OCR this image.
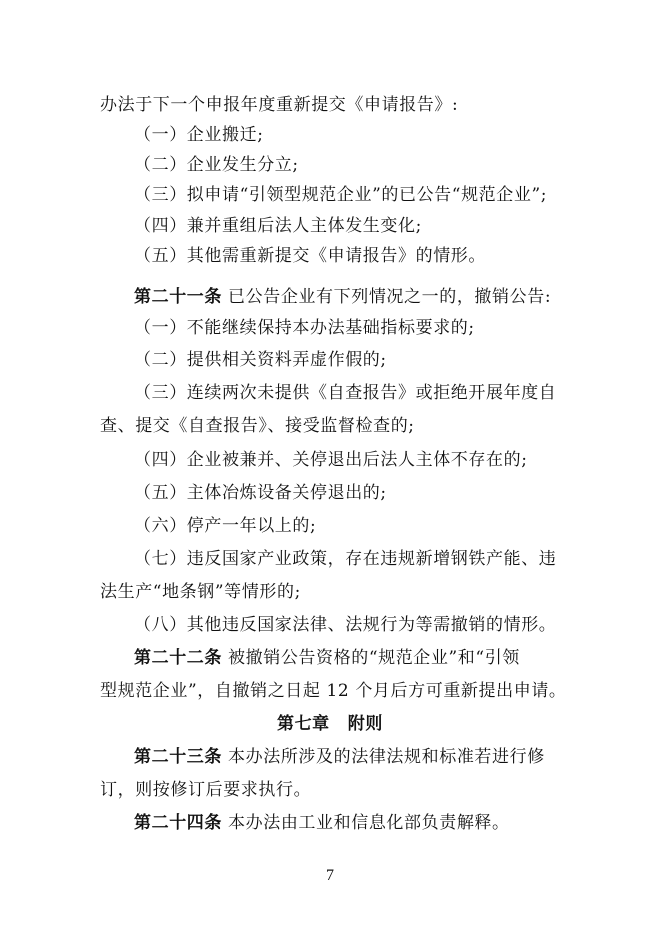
办法于下一个申报年度重新提交《申请报告》:
（一）企业搬迁;
（二）企业发生分立;
（三）拟申请“引领型规范企业”的已公告“规范企业”;
（四）兼并重组后法人主体发生变化;
（五）其他需重新提交《申请报告》的情形。
第二十一条 已公告企业有下列情况之一的，撤销公告:
（一）不能继续保持本办法基础指标要求的;
（二）提供相关资料弄虚作假的;
（三）连续两次未提供《自查报告》或拒绝开展年度自
查、提交《自查报告》、接受监督检查的;
（四）企业被兼并、关停退出后法人主体不存在的;
（五）主体冶炼设备关停退出的;
（六）停产一年以上的;
（七）违反国家产业政策，存在违规新增钢铁产能、违
法生产“地条钢”等情形的;
（八）其他违反国家法律、法规行为等需撤销的情形。
第二十二条 被撤销公告资格的“规范企业”和“引领
型规范企业”，自撤销之日起 12 个月后方可重新提出申请。
第七章 附则
第二十三条 本办法所涉及的法律法规和标准若进行修
订，则按修订后要求执行。
第二十四条 本办法由工业和信息化部负责解释。
7
